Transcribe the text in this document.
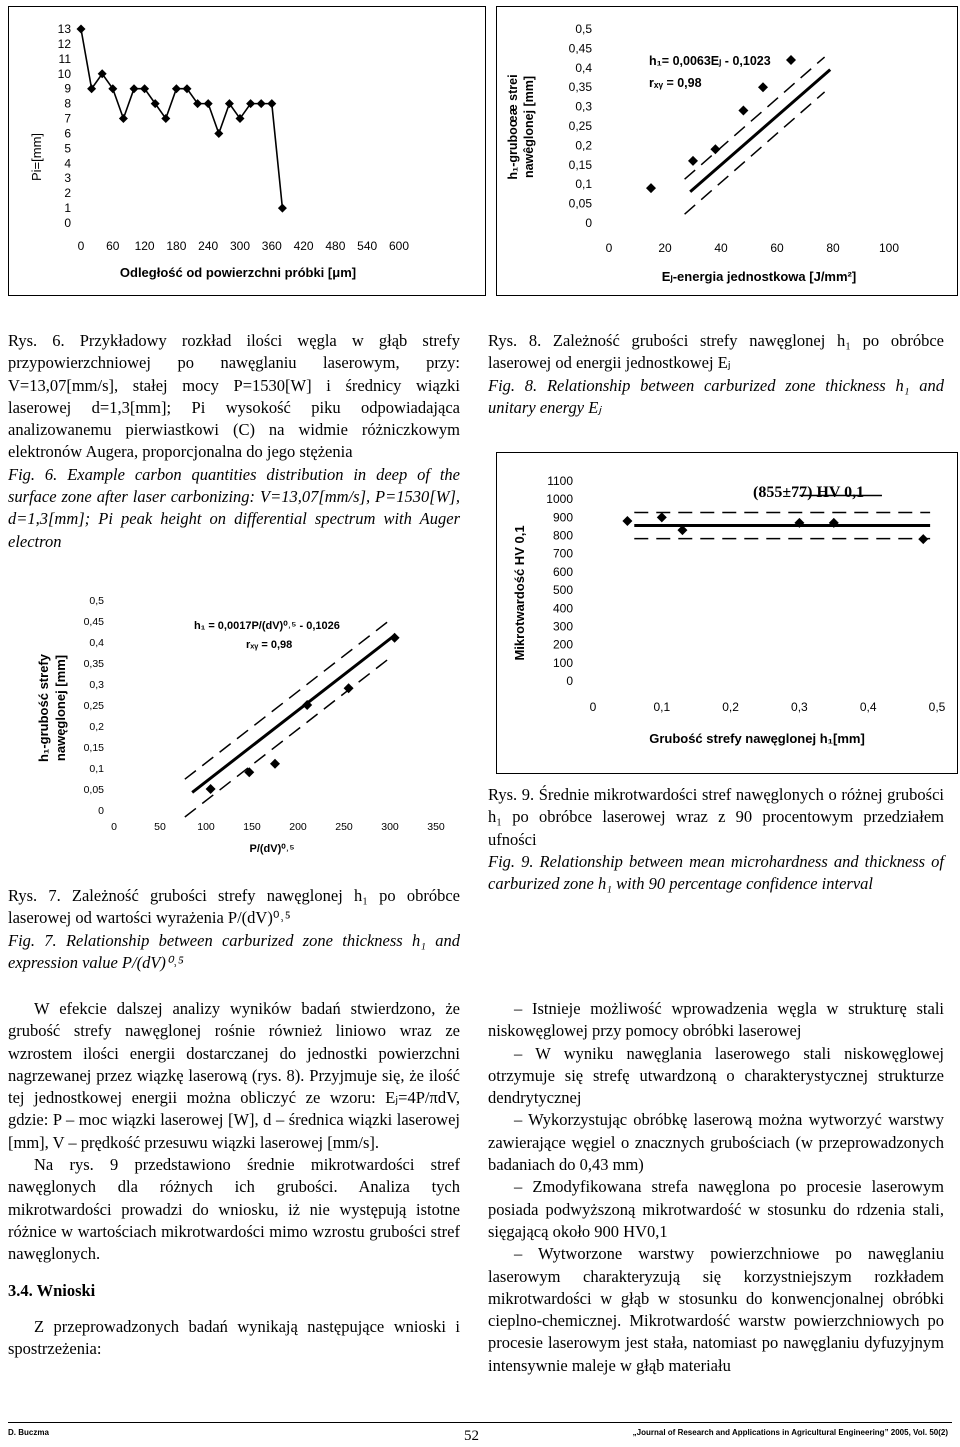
Pi=[mm]
Odległość od powierzchni próbki [μm]
13
12
11
10
9
8
7
6
5
4
3
2
1
0
0 60 120 180 240 300 360 420 480 540 600
h₁-gruboœæ strei nawêglonej [mm]
h₁= 0,0063Eⱼ - 0,1023
rₓᵧ = 0,98
Eⱼ-energia jednostkowa [J/mm²]
0,5
0,45
0,4
0,35
0,3
0,25
0,2
0,15
0,1
0,05
0
0	20	40	60	80	100

Rys. 6. Przykładowy rozkład ilości węgla w głąb strefy przypowierzchniowej po nawęglaniu laserowym, przy: V=13,07[mm/s], stałej mocy P=1530[W] i średnicy wiązki laserowej d=1,3[mm]; Pi wysokość piku odpowiadająca analizowanemu pierwiastkowi (C) na widmie różniczkowym elektronów Augera, proporcjonalna do jego stężenia

Fig. 6. Example carbon quantities distribution in deep of the surface zone after laser carbonizing: V=13,07[mm/s], P=1530[W], d=1,3[mm]; Pi peak height on differential spectrum with Auger electron

Rys. 8. Zależność grubości strefy nawęglonej h₁ po obróbce laserowej od energii jednostkowej Eⱼ

Fig. 8. Relationship between carburized zone thickness h₁ and unitary energy Eⱼ

h₁-grubość strefy nawęglonej [mm]
h₁ = 0,0017P/(dV)⁰˒⁵ - 0,1026
rₓᵧ = 0,98
P/(dV)⁰˒⁵
0,5
0,45
0,4
0,35
0,3
0,25
0,2
0,15
0,1
0,05
0
0	50	100	150	200	250	300	350
Mikrotwardość HV 0,1
(855±77) HV 0,1
Grubość strefy nawęglonej h₁[mm]
1100
1000
900
800
700
600
500
400
300
200
100
0
0	0,1	0,2	0,3	0,4	0,5

Rys. 7. Zależność grubości strefy nawęglonej h₁ po obróbce laserowej od wartości wyrażenia P/(dV)⁰˒⁵

Fig. 7. Relationship between carburized zone thickness h₁ and expression value P/(dV)⁰˒⁵

Rys. 9. Średnie mikrotwardości stref nawęglonych o różnej grubości h₁ po obróbce laserowej wraz z 90 procentowym przedziałem ufności

Fig. 9. Relationship between mean microhardness and thickness of carburized zone h₁ with 90 percentage confidence interval

W efekcie dalszej analizy wyników badań stwierdzono, że grubość strefy nawęglonej rośnie również liniowo wraz ze wzrostem ilości energii dostarczanej do jednostki powierzchni nagrzewanej przez wiązkę laserową (rys. 8). Przyjmuje się, że ilość tej jednostkowej energii można obliczyć ze wzoru: Eⱼ=4P/πdV, gdzie: P – moc wiązki laserowej [W], d – średnica wiązki laserowej [mm], V – prędkość przesuwu wiązki laserowej [mm/s].

Na rys. 9 przedstawiono średnie mikrotwardości stref nawęglonych dla różnych ich grubości. Analiza tych mikrotwardości prowadzi do wniosku, iż nie występują istotne różnice w wartościach mikrotwardości mimo wzrostu grubości stref nawęglonych.

3.4. Wnioski

Z przeprowadzonych badań wynikają następujące wnioski i spostrzeżenia:

– Istnieje możliwość wprowadzenia węgla w strukturę stali niskowęglowej przy pomocy obróbki laserowej

– W wyniku nawęglania laserowego stali niskowęglowej otrzymuje się strefę utwardzoną o charakterystycznej strukturze dendrytycznej

– Wykorzystując obróbkę laserową można wytworzyć warstwy zawierające węgiel o znacznych grubościach (w przeprowadzonych badaniach do 0,43 mm)

– Zmodyfikowana strefa nawęglona po procesie laserowym posiada podwyższoną mikrotwardość w stosunku do rdzenia stali, sięgającą około 900 HV0,1

– Wytworzone warstwy powierzchniowe po nawęglaniu laserowym charakteryzują się korzystniejszym rozkładem mikrotwardości w głąb w stosunku do konwencjonalnej obróbki cieplno-chemicznej. Mikrotwardość warstw powierzchniowych po procesie laserowym jest stała, natomiast po nawęglaniu dyfuzyjnym intensywnie maleje w głąb materiału

D. Buczma	„Journal of Research and Applications in Agricultural Engineering” 2005, Vol. 50(2)
52
